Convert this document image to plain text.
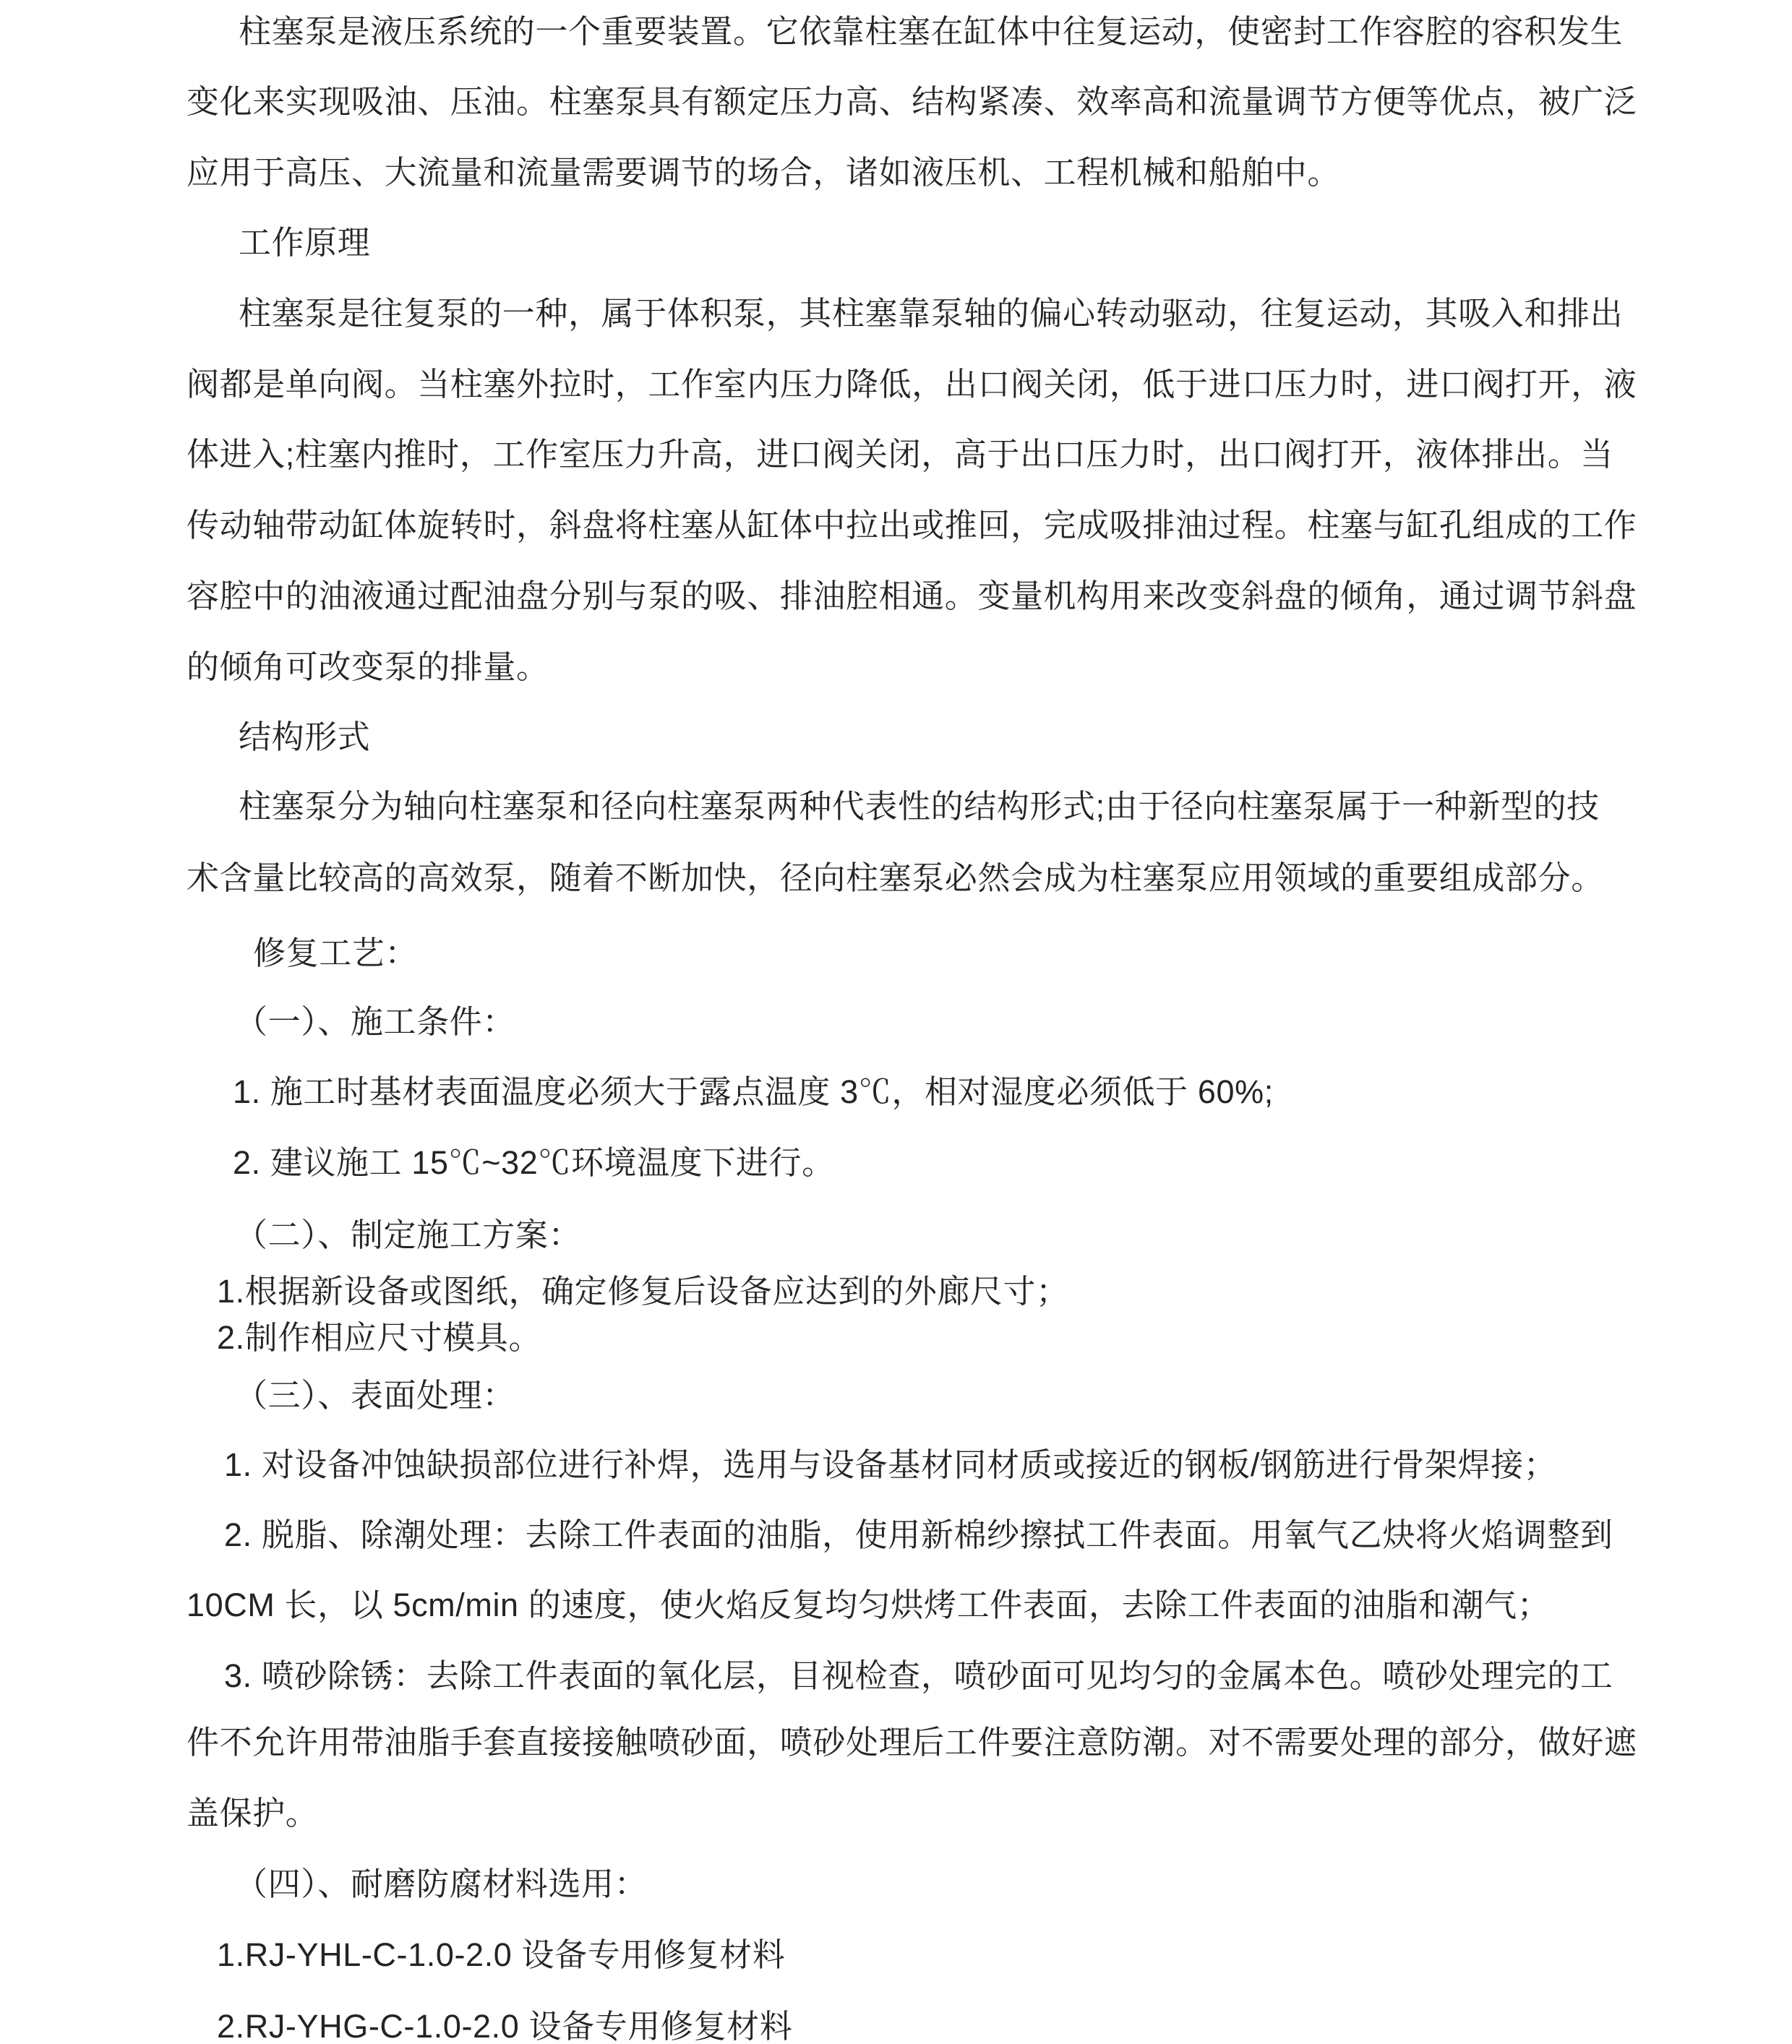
柱塞泵是液压系统的一个重要装置。它依靠柱塞在缸体中往复运动，使密封工作容腔的容积发生
变化来实现吸油、压油。柱塞泵具有额定压力高、结构紧凑、效率高和流量调节方便等优点，被广泛
应用于高压、大流量和流量需要调节的场合，诸如液压机、工程机械和船舶中。
工作原理
柱塞泵是往复泵的一种，属于体积泵，其柱塞靠泵轴的偏心转动驱动，往复运动，其吸入和排出
阀都是单向阀。当柱塞外拉时，工作室内压力降低，出口阀关闭，低于进口压力时，进口阀打开，液
体进入;柱塞内推时，工作室压力升高，进口阀关闭，高于出口压力时，出口阀打开，液体排出。当
传动轴带动缸体旋转时，斜盘将柱塞从缸体中拉出或推回，完成吸排油过程。柱塞与缸孔组成的工作
容腔中的油液通过配油盘分别与泵的吸、排油腔相通。变量机构用来改变斜盘的倾角，通过调节斜盘
的倾角可改变泵的排量。
结构形式
柱塞泵分为轴向柱塞泵和径向柱塞泵两种代表性的结构形式;由于径向柱塞泵属于一种新型的技
术含量比较高的高效泵，随着不断加快，径向柱塞泵必然会成为柱塞泵应用领域的重要组成部分。
修复工艺：
（一）、施工条件：
1. 施工时基材表面温度必须大于露点温度 3℃，相对湿度必须低于 60%;
2. 建议施工 15℃~32℃环境温度下进行。
（二）、制定施工方案：
1.根据新设备或图纸，确定修复后设备应达到的外廊尺寸；
2.制作相应尺寸模具。
（三）、表面处理：
1. 对设备冲蚀缺损部位进行补焊，选用与设备基材同材质或接近的钢板/钢筋进行骨架焊接；
2. 脱脂、除潮处理：去除工件表面的油脂，使用新棉纱擦拭工件表面。用氧气乙炔将火焰调整到
10CM 长，以 5cm/min 的速度，使火焰反复均匀烘烤工件表面，去除工件表面的油脂和潮气；
3. 喷砂除锈：去除工件表面的氧化层，目视检查，喷砂面可见均匀的金属本色。喷砂处理完的工
件不允许用带油脂手套直接接触喷砂面，喷砂处理后工件要注意防潮。对不需要处理的部分，做好遮
盖保护。
（四）、耐磨防腐材料选用：
1.RJ-YHL-C-1.0-2.0 设备专用修复材料
2.RJ-YHG-C-1.0-2.0 设备专用修复材料
